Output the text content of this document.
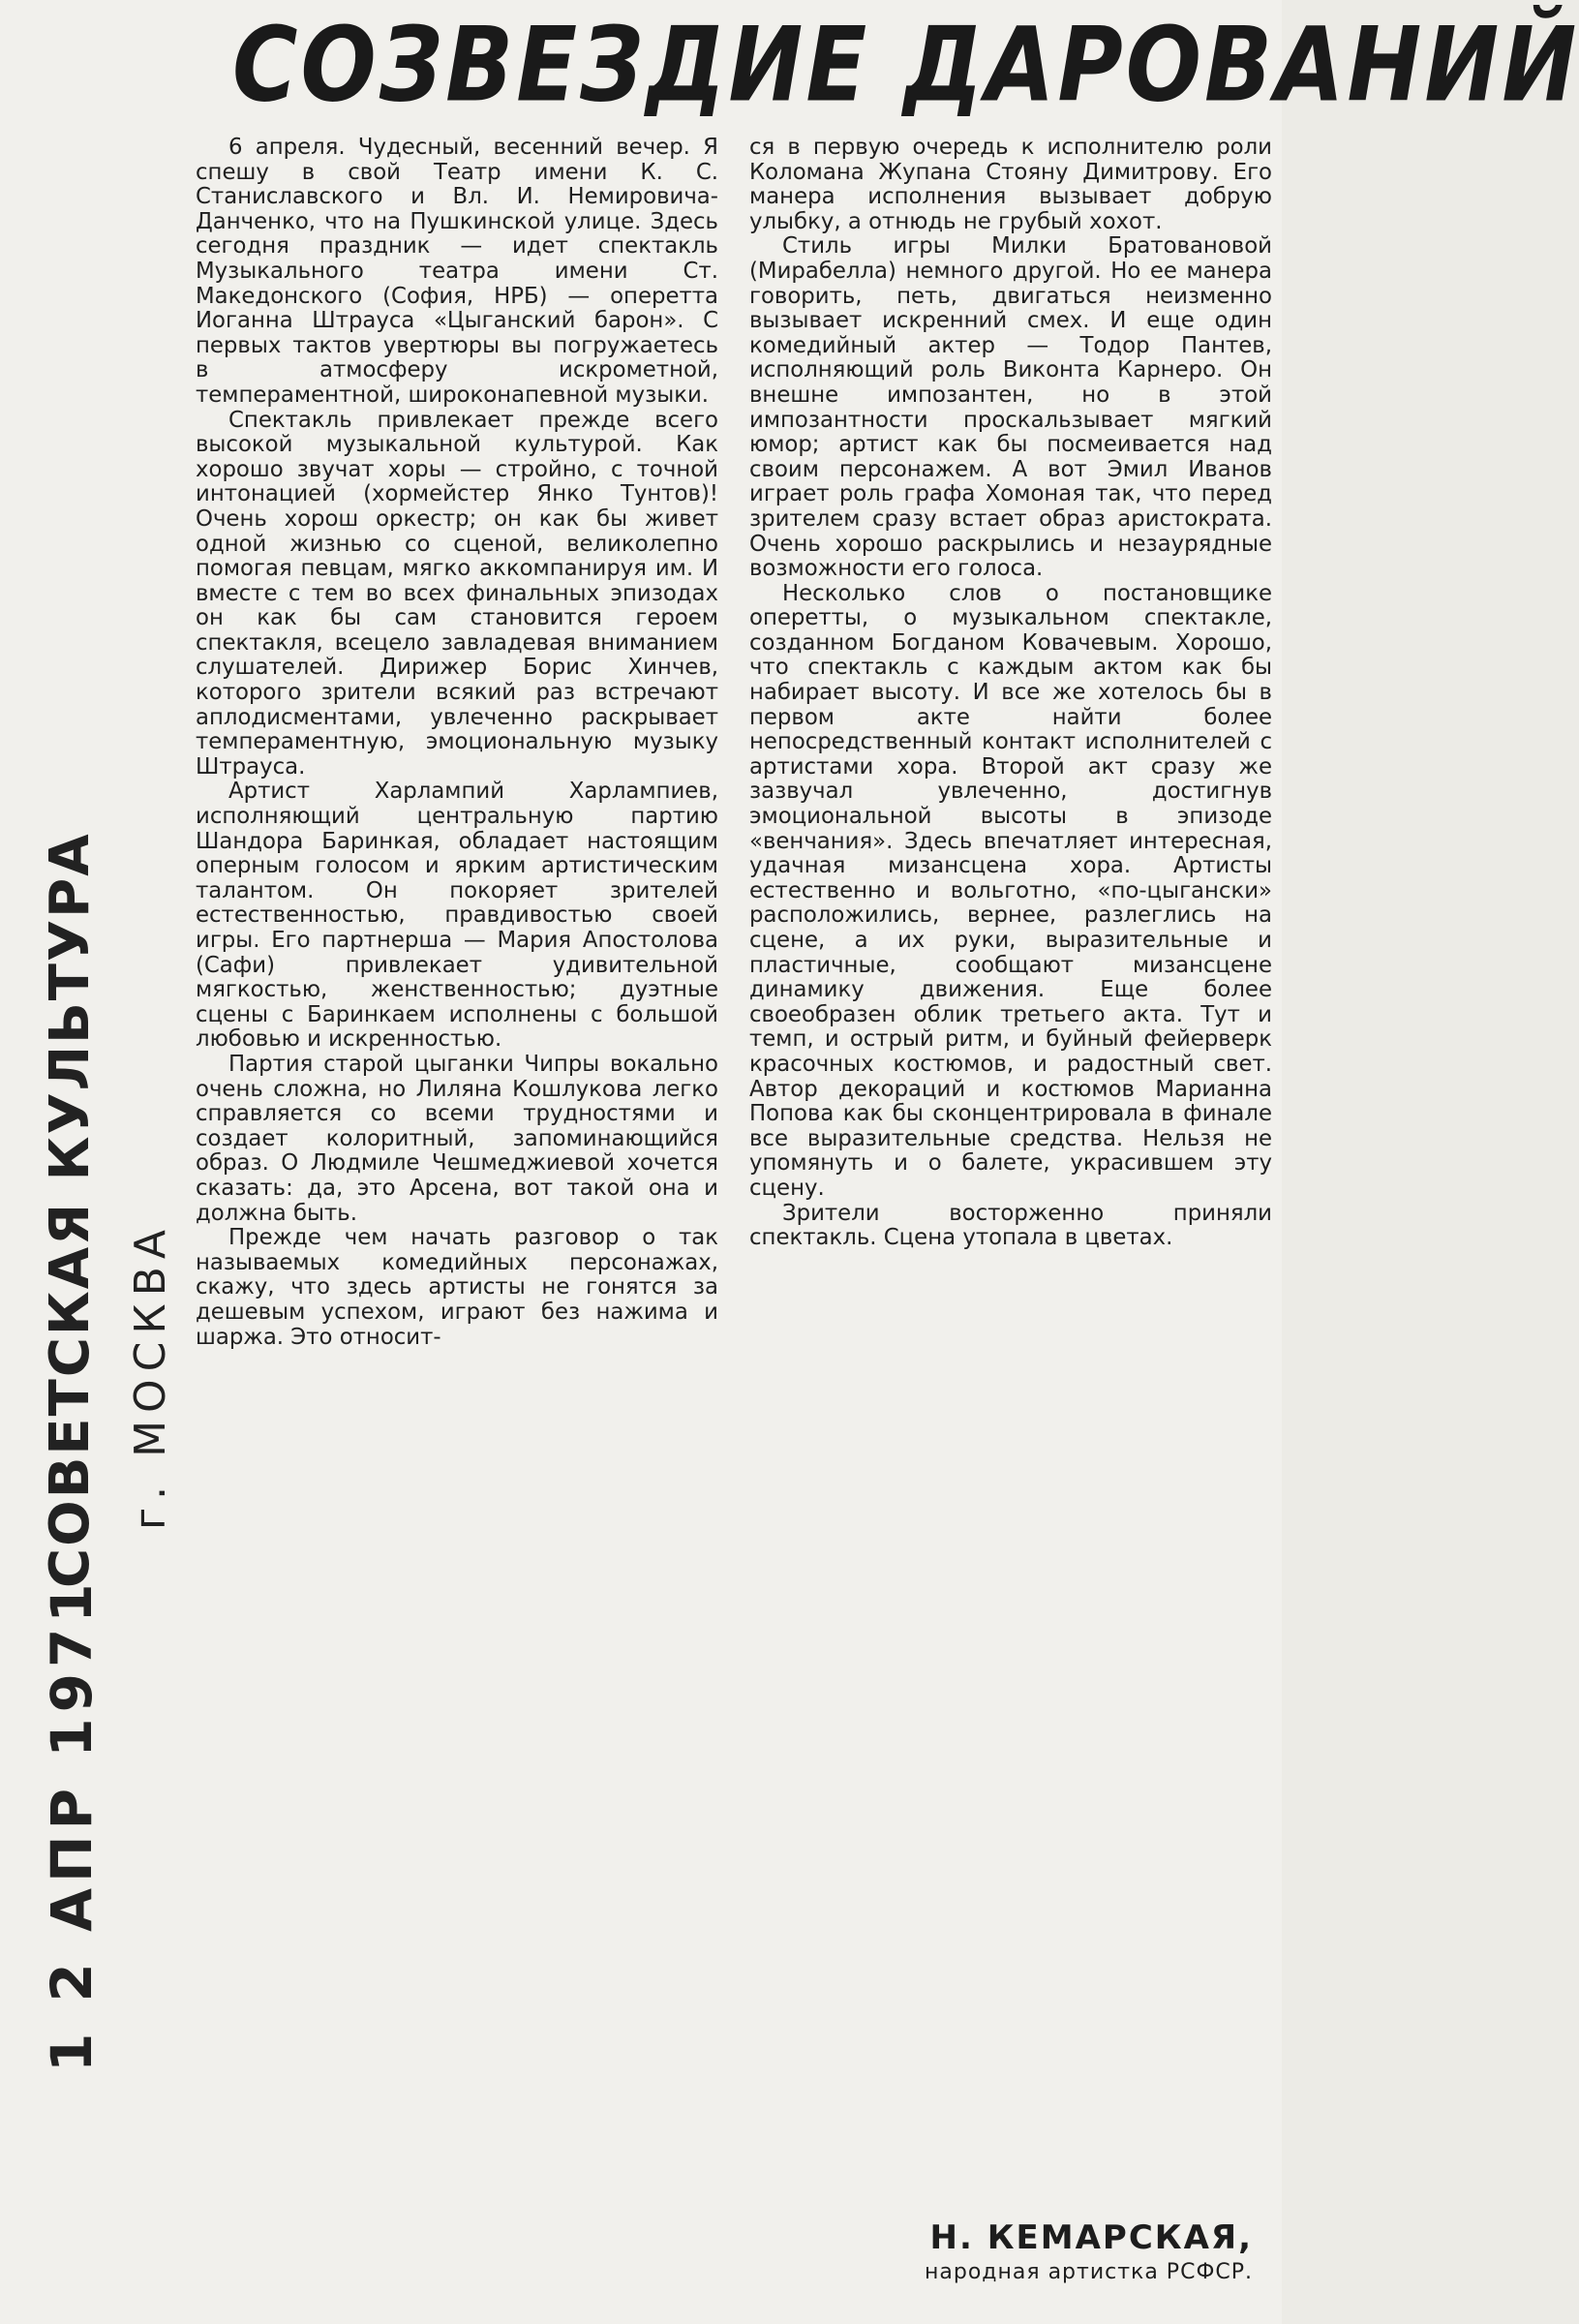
СОЗВЕЗДИЕ ДАРОВАНИЙ
1 2 АПР 1971
СОВЕТСКАЯ КУЛЬТУРА г. МОСКВА

6 апреля. Чудесный, весенний вечер. Я спешу в свой Театр имени К. С. Станиславского и Вл. И. Немировича-Данченко, что на Пушкинской улице. Здесь сегодня праздник — идет спектакль Музыкального театра имени Ст. Македонского (София, НРБ) — оперетта Иоганна Штрауса «Цыганский барон». С первых тактов увертюры вы погружаетесь в атмосферу искрометной, темпераментной, широконапевной музыки.

Спектакль привлекает прежде всего высокой музыкальной культурой. Как хорошо звучат хоры — стройно, с точной интонацией (хормейстер Янко Тунтов)! Очень хорош оркестр; он как бы живет одной жизнью со сценой, великолепно помогая певцам, мягко аккомпанируя им. И вместе с тем во всех финальных эпизодах он как бы сам становится героем спектакля, всецело завладевая вниманием слушателей. Дирижер Борис Хинчев, которого зрители всякий раз встречают аплодисментами, увлеченно раскрывает темпераментную, эмоциональную музыку Штрауса.

Артист Харлампий Харлампиев, исполняющий центральную партию Шандора Баринкая, обладает настоящим оперным голосом и ярким артистическим талантом. Он покоряет зрителей естественностью, правдивостью своей игры. Его партнерша — Мария Апостолова (Сафи) привлекает удивительной мягкостью, женственностью; дуэтные сцены с Баринкаем исполнены с большой любовью и искренностью.

Партия старой цыганки Чипры вокально очень сложна, но Лиляна Кошлукова легко справляется со всеми трудностями и создает колоритный, запоминающийся образ. О Людмиле Чешмеджиевой хочется сказать: да, это Арсена, вот такой она и должна быть.

Прежде чем начать разговор о так называемых комедийных персонажах, скажу, что здесь артисты не гонятся за дешевым успехом, играют без нажима и шаржа. Это относит-

ся в первую очередь к исполнителю роли Коломана Жупана Стояну Димитрову. Его манера исполнения вызывает добрую улыбку, а отнюдь не грубый хохот.

Стиль игры Милки Братовановой (Мирабелла) немного другой. Но ее манера говорить, петь, двигаться неизменно вызывает искренний смех. И еще один комедийный актер — Тодор Пантев, исполняющий роль Виконта Карнеро. Он внешне импозантен, но в этой импозантности проскальзывает мягкий юмор; артист как бы посмеивается над своим персонажем. А вот Эмил Иванов играет роль графа Хомоная так, что перед зрителем сразу встает образ аристократа. Очень хорошо раскрылись и незаурядные возможности его голоса.

Несколько слов о постановщике оперетты, о музыкальном спектакле, созданном Богданом Ковачевым. Хорошо, что спектакль с каждым актом как бы набирает высоту. И все же хотелось бы в первом акте найти более непосредственный контакт исполнителей с артистами хора. Второй акт сразу же зазвучал увлеченно, достигнув эмоциональной высоты в эпизоде «венчания». Здесь впечатляет интересная, удачная мизансцена хора. Артисты естественно и вольготно, «по-цыгански» расположились, вернее, разлеглись на сцене, а их руки, выразительные и пластичные, сообщают мизансцене динамику движения. Еще более своеобразен облик третьего акта. Тут и темп, и острый ритм, и буйный фейерверк красочных костюмов, и радостный свет. Автор декораций и костюмов Марианна Попова как бы сконцентрировала в финале все выразительные средства. Нельзя не упомянуть и о балете, украсившем эту сцену.

Зрители восторженно приняли спектакль. Сцена утопала в цветах.

Н. КЕМАРСКАЯ,
народная артистка РСФСР.
